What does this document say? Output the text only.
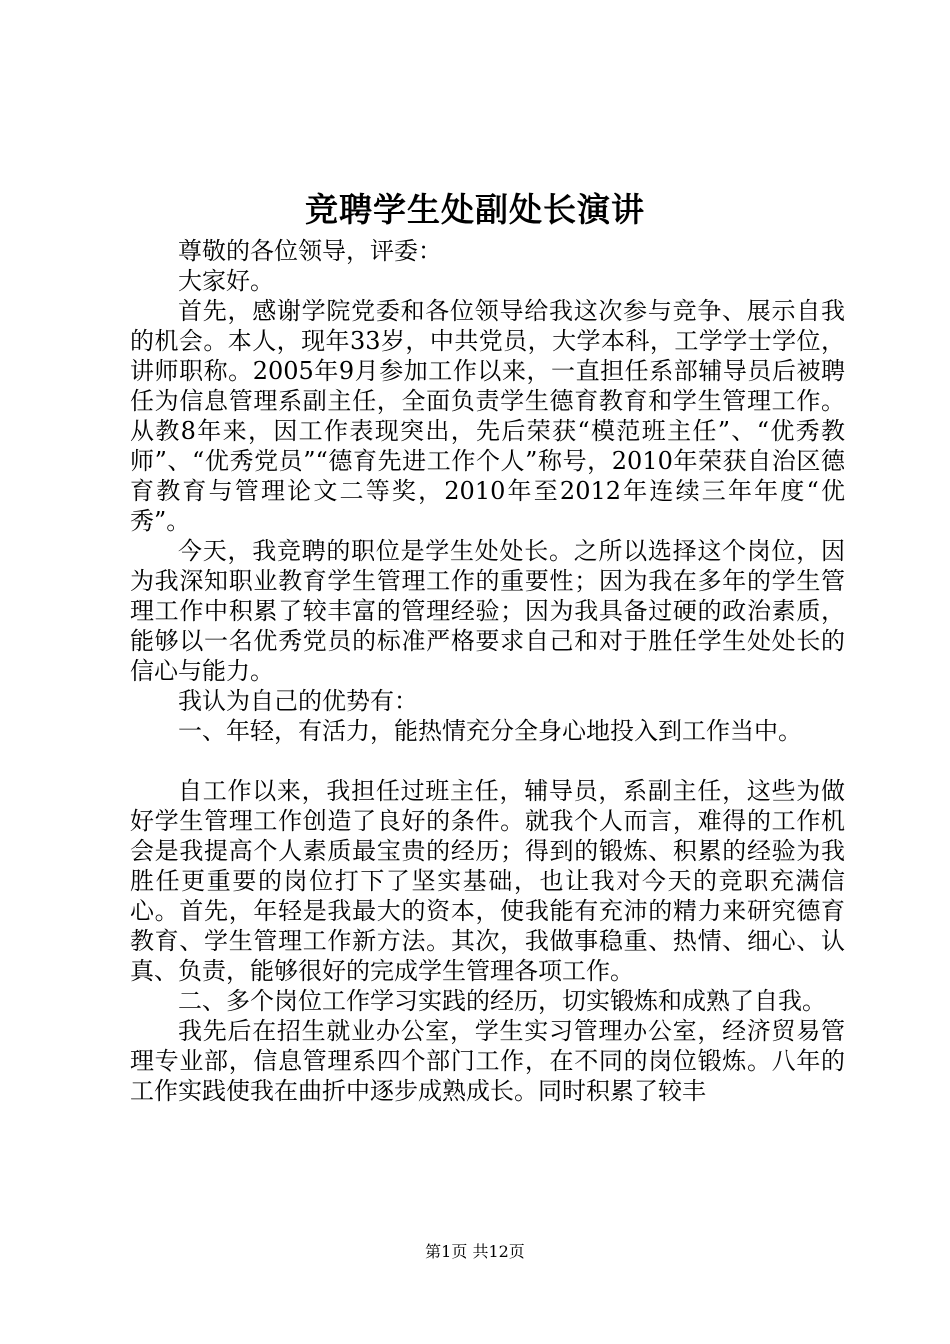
竞聘学生处副处长演讲

尊敬的各位领导，评委：

大家好。

首先，感谢学院党委和各位领导给我这次参与竞争、展示自我的机会。本人，现年33岁，中共党员，大学本科，工学学士学位，讲师职称。2005年9月参加工作以来，一直担任系部辅导员后被聘任为信息管理系副主任，全面负责学生德育教育和学生管理工作。从教8年来，因工作表现突出，先后荣获“模范班主任”、“优秀教师”、“优秀党员”“德育先进工作个人”称号，2010年荣获自治区德育教育与管理论文二等奖，2010年至2012年连续三年年度“优秀”。

今天，我竞聘的职位是学生处处长。之所以选择这个岗位，因为我深知职业教育学生管理工作的重要性；因为我在多年的学生管理工作中积累了较丰富的管理经验；因为我具备过硬的政治素质，能够以一名优秀党员的标准严格要求自己和对于胜任学生处处长的信心与能力。

我认为自己的优势有：

一、年轻，有活力，能热情充分全身心地投入到工作当中。

自工作以来，我担任过班主任，辅导员，系副主任，这些为做好学生管理工作创造了良好的条件。就我个人而言，难得的工作机会是我提高个人素质最宝贵的经历；得到的锻炼、积累的经验为我胜任更重要的岗位打下了坚实基础，也让我对今天的竞职充满信心。首先，年轻是我最大的资本，使我能有充沛的精力来研究德育教育、学生管理工作新方法。其次，我做事稳重、热情、细心、认真、负责，能够很好的完成学生管理各项工作。

二、多个岗位工作学习实践的经历，切实锻炼和成熟了自我。

我先后在招生就业办公室，学生实习管理办公室，经济贸易管理专业部，信息管理系四个部门工作，在不同的岗位锻炼。八年的工作实践使我在曲折中逐步成熟成长。同时积累了较丰

第1页 共12页
